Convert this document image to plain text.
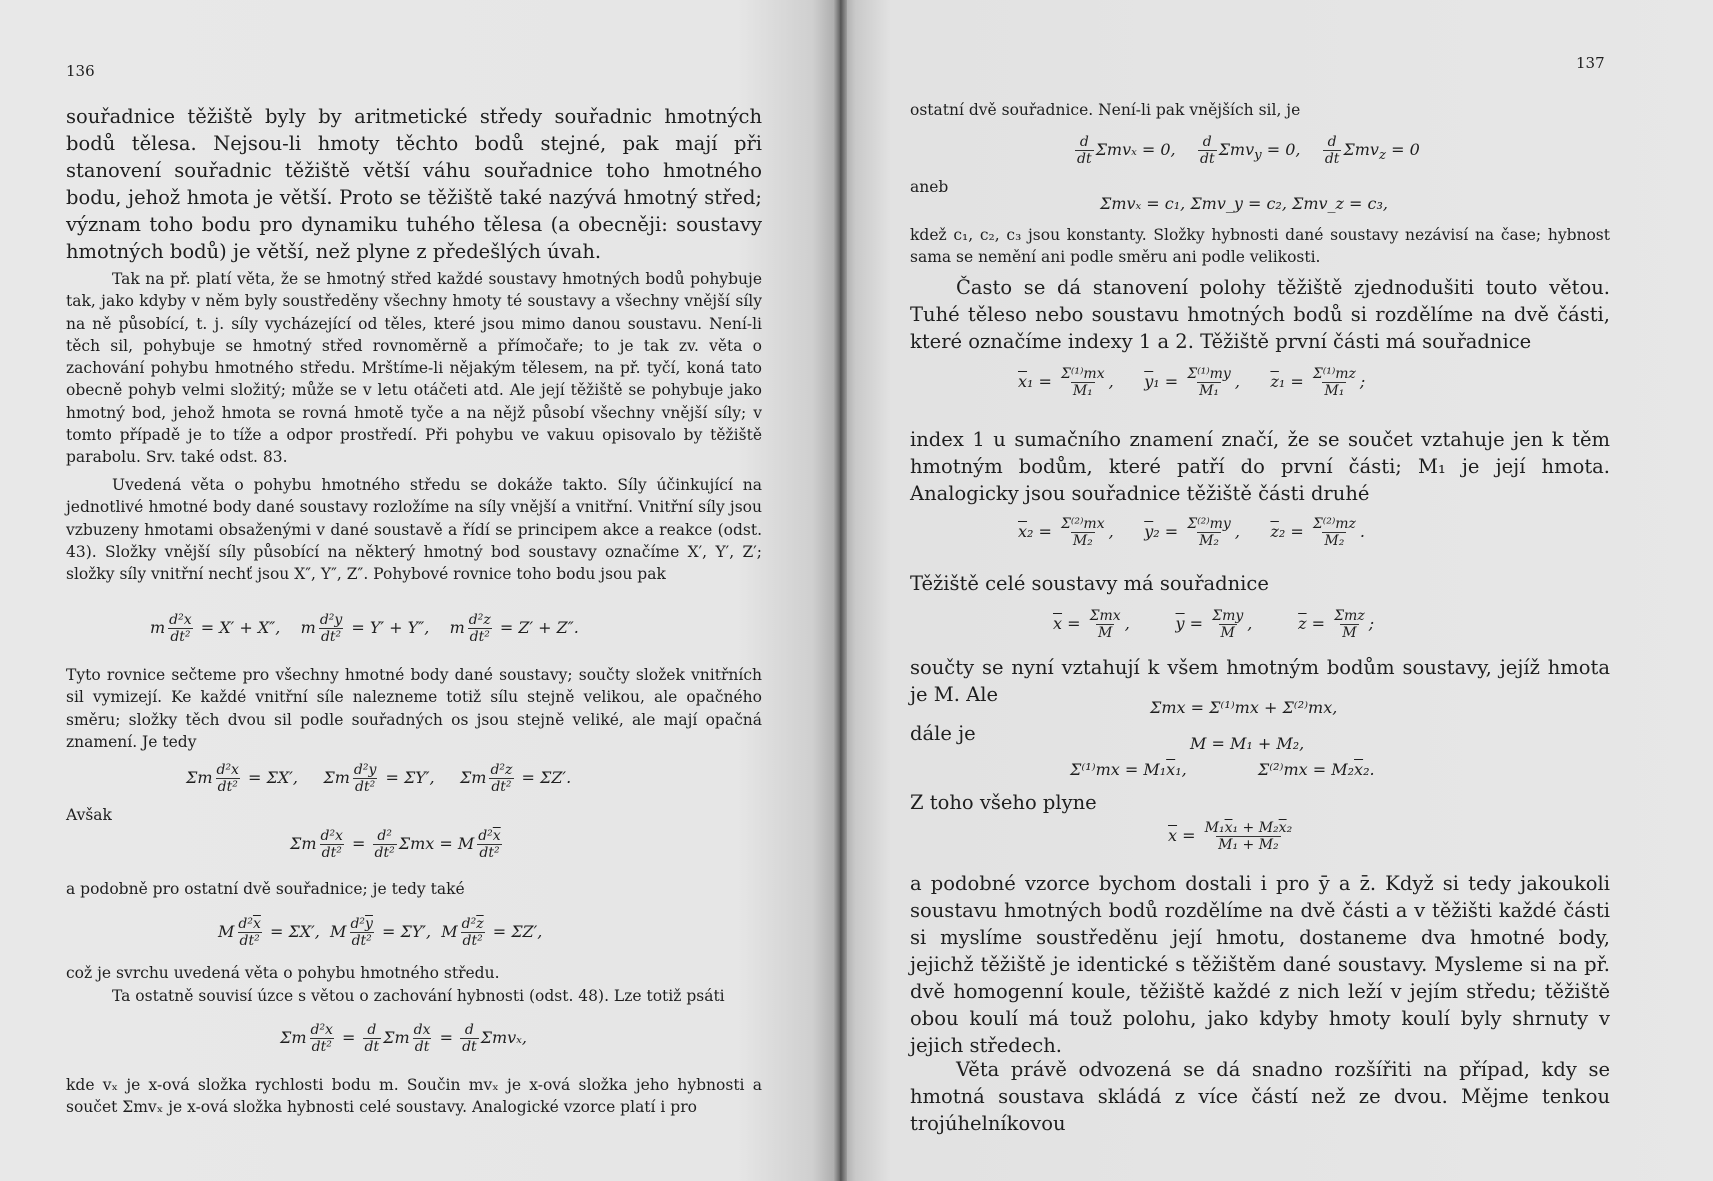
136

souřadnice těžiště byly by aritmetické středy souřadnic hmotných bodů tělesa. Nejsou-li hmoty těchto bodů stejné, pak mají při stanovení souřadnic těžiště větší váhu souřadnice toho hmotného bodu, jehož hmota je větší. Proto se těžiště také nazývá hmotný střed; význam toho bodu pro dynamiku tuhého tělesa (a obecněji: soustavy hmotných bodů) je větší, než plyne z předešlých úvah.

Tak na př. platí věta, že se hmotný střed každé soustavy hmotných bodů pohybuje tak, jako kdyby v něm byly soustředěny všechny hmoty té soustavy a všechny vnější síly na ně působící, t. j. síly vycházející od těles, které jsou mimo danou soustavu. Není-li těch sil, pohybuje se hmotný střed rovnoměrně a přímočaře; to je tak zv. věta o zachování pohybu hmotného středu. Mrštíme-li nějakým tělesem, na př. tyčí, koná tato obecně pohyb velmi složitý; může se v letu otáčeti atd. Ale její těžiště se pohybuje jako hmotný bod, jehož hmota se rovná hmotě tyče a na nějž působí všechny vnější síly; v tomto případě je to tíže a odpor prostředí. Při pohybu ve vakuu opisovalo by těžiště parabolu. Srv. také odst. 83.

Uvedená věta o pohybu hmotného středu se dokáže takto. Síly účinkující na jednotlivé hmotné body dané soustavy rozložíme na síly vnější a vnitřní. Vnitřní síly jsou vzbuzeny hmotami obsaženými v dané soustavě a řídí se principem akce a reakce (odst. 43). Složky vnější síly působící na některý hmotný bod soustavy označíme X′, Y′, Z′; složky síly vnitřní nechť jsou X″, Y″, Z″. Pohybové rovnice toho bodu jsou pak

m $\frac{\text{d²x}}{\text{dt²}} = X' + X''$,    m $\frac{\text{d²y}}{\text{dt²}} = Y' + Y''$,    m $\frac{\text{d²z}}{\text{dt²}} = Z' + Z''$.

Tyto rovnice sečteme pro všechny hmotné body dané soustavy; součty složek vnitřních sil vymizejí. Ke každé vnitřní síle nalezneme totiž sílu stejně velikou, ale opačného směru; složky těch dvou sil podle souřadných os jsou stejně veliké, ale mají opačná znamení. Je tedy

Σm $\frac{\text{d²x}}{\text{dt²}} = \Sigma X'$,     Σm $\frac{\text{d²y}}{\text{dt²}} = \Sigma Y'$,     Σm $\frac{\text{d²z}}{\text{dt²}} = \Sigma Z'$.
Avšak
Σm $\frac{\text{d²x}}{\text{dt²}} = \frac{\text{d²}}{\text{dt²}}$ Σmx = M $\frac{d^2\overline{x}}{\text{dt²}}$

a podobně pro ostatní dvě souřadnice; je tedy také

M $\frac{d^2\overline{x}}{\text{dt²}} = \Sigma X'$,  M $\frac{d^2\overline{y}}{\text{dt²}} = \Sigma Y'$,  M $\frac{d^2\overline{z}}{\text{dt²}} = \Sigma Z'$,

což je svrchu uvedená věta o pohybu hmotného středu.

Ta ostatně souvisí úzce s větou o zachování hybnosti (odst. 48). Lze totiž psáti

Σm $\frac{\text{d²x}}{\text{dt²}} = \frac{d}{dt}$ Σm $\frac{dx}{dt} = \frac{d}{dt} \Sigma mv_x$,

kde vₓ je x-ová složka rychlosti bodu m. Součin mvₓ je x-ová složka jeho hybnosti a součet Σmvₓ je x-ová složka hybnosti celé soustavy. Analogické vzorce platí i pro

137

ostatní dvě souřadnice. Není-li pak vnějších sil, je

$\frac{d}{dt}$ Σmvₓ = 0, $\frac{d}{dt} \Sigma mv_y = 0$, $\frac{d}{dt} \Sigma mv_z = 0$
aneb
Σmvₓ = c₁, Σmv_y = c₂, Σmv_z = c₃,

kdež c₁, c₂, c₃ jsou konstanty. Složky hybnosti dané soustavy nezávisí na čase; hybnost sama se nemění ani podle směru ani podle velikosti.

Často se dá stanovení polohy těžiště zjednodušiti touto větou. Tuhé těleso nebo soustavu hmotných bodů si rozdělíme na dvě části, které označíme indexy 1 a 2. Těžiště první části má souřadnice

$\overline{x}_1 = \frac{\text{Σ⁽¹⁾mx}}{\text{M₁}}$ ,      $\overline{y}_1 = \frac{\text{Σ⁽¹⁾my}}{\text{M₁}}$ ,      $\overline{z}_1 = \frac{\text{Σ⁽¹⁾mz}}{\text{M₁}}$ ;

index 1 u sumačního znamení značí, že se součet vztahuje jen k těm hmotným bodům, které patří do první části; M₁ je její hmota. Analogicky jsou souřadnice těžiště části druhé

$\overline{x}_2 = \frac{\text{Σ⁽²⁾mx}}{\text{M₂}}$ ,      $\overline{y}_2 = \frac{\text{Σ⁽²⁾my}}{\text{M₂}}$ ,      $\overline{z}_2 = \frac{\text{Σ⁽²⁾mz}}{\text{M₂}}$ .

Těžiště celé soustavy má souřadnice

$\overline{x} = \Sigma mx$
M ,         $\overline{y} = \Sigma my$
M ,         $\overline{z} = \Sigma mz$
M ;

součty se nyní vztahují k všem hmotným bodům soustavy, jejíž hmota je M. Ale

Σmx = Σ⁽¹⁾mx + Σ⁽²⁾mx,
dále je	M = M₁ + M₂,
$\Sigma^{(1)}mx = M_1\overline{x}_1$,              $\Sigma^{(2)}mx = M_2\overline{x}_2$.
Z toho všeho plyne
$\overline{x} = \frac{M_1\overline{x}_1 + M_2\overline{x}_2}{\text{M₁ + M₂}}$

a podobné vzorce bychom dostali i pro ȳ a z̄. Když si tedy jakoukoli soustavu hmotných bodů rozdělíme na dvě části a v těžišti každé části si myslíme soustředěnu její hmotu, dostaneme dva hmotné body, jejichž těžiště je identické s těžištěm dané soustavy. Mysleme si na př. dvě homogenní koule, těžiště každé z nich leží v jejím středu; těžiště obou koulí má touž polohu, jako kdyby hmoty koulí byly shrnuty v jejich středech.

Věta právě odvozená se dá snadno rozšířiti na případ, kdy se hmotná soustava skládá z více částí než ze dvou. Mějme tenkou trojúhelníkovou
